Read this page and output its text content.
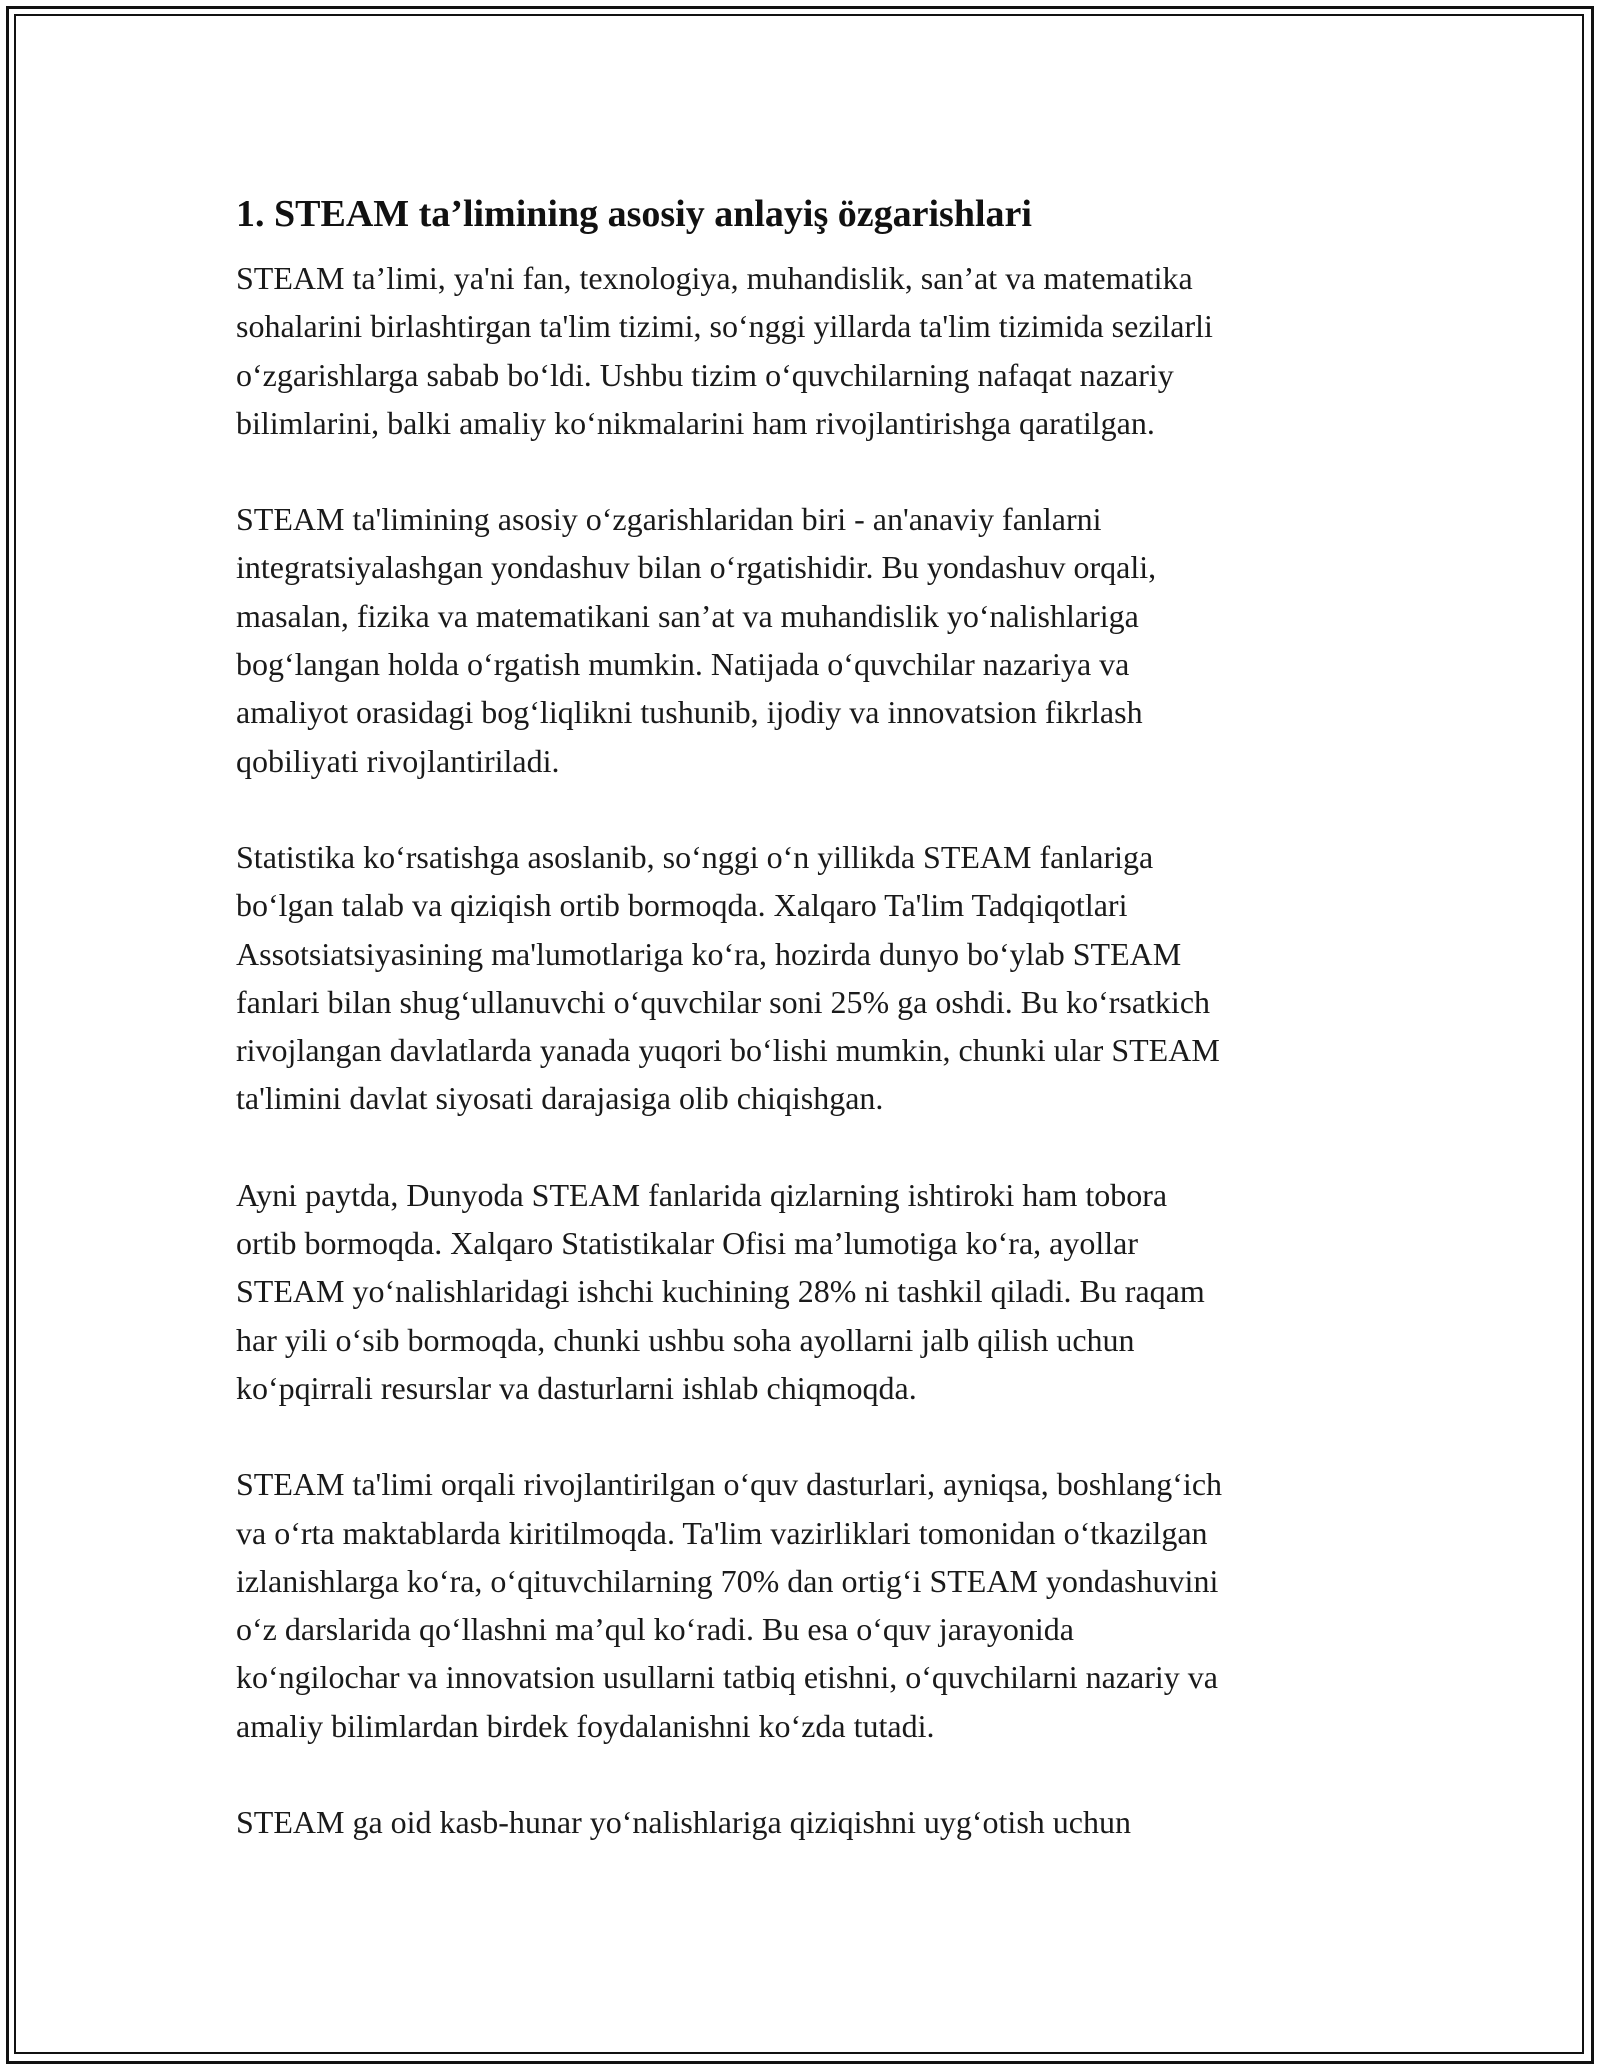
1. STEAM ta’limining asosiy anlayiş özgarishlari

STEAM ta’limi, ya'ni fan, texnologiya, muhandislik, san’at va matematika
sohalarini birlashtirgan ta'lim tizimi, so‘nggi yillarda ta'lim tizimida sezilarli
o‘zgarishlarga sabab bo‘ldi. Ushbu tizim o‘quvchilarning nafaqat nazariy
bilimlarini, balki amaliy ko‘nikmalarini ham rivojlantirishga qaratilgan.

STEAM ta'limining asosiy o‘zgarishlaridan biri - an'anaviy fanlarni
integratsiyalashgan yondashuv bilan o‘rgatishidir. Bu yondashuv orqali,
masalan, fizika va matematikani san’at va muhandislik yo‘nalishlariga
bog‘langan holda o‘rgatish mumkin. Natijada o‘quvchilar nazariya va
amaliyot orasidagi bog‘liqlikni tushunib, ijodiy va innovatsion fikrlash
qobiliyati rivojlantiriladi.

Statistika ko‘rsatishga asoslanib, so‘nggi o‘n yillikda STEAM fanlariga
bo‘lgan talab va qiziqish ortib bormoqda. Xalqaro Ta'lim Tadqiqotlari
Assotsiatsiyasining ma'lumotlariga ko‘ra, hozirda dunyo bo‘ylab STEAM
fanlari bilan shug‘ullanuvchi o‘quvchilar soni 25% ga oshdi. Bu ko‘rsatkich
rivojlangan davlatlarda yanada yuqori bo‘lishi mumkin, chunki ular STEAM
ta'limini davlat siyosati darajasiga olib chiqishgan.

Ayni paytda, Dunyoda STEAM fanlarida qizlarning ishtiroki ham tobora
ortib bormoqda. Xalqaro Statistikalar Ofisi ma’lumotiga ko‘ra, ayollar
STEAM yo‘nalishlaridagi ishchi kuchining 28% ni tashkil qiladi. Bu raqam
har yili o‘sib bormoqda, chunki ushbu soha ayollarni jalb qilish uchun
ko‘pqirrali resurslar va dasturlarni ishlab chiqmoqda.

STEAM ta'limi orqali rivojlantirilgan o‘quv dasturlari, ayniqsa, boshlang‘ich
va o‘rta maktablarda kiritilmoqda. Ta'lim vazirliklari tomonidan o‘tkazilgan
izlanishlarga ko‘ra, o‘qituvchilarning 70% dan ortig‘i STEAM yondashuvini
o‘z darslarida qo‘llashni ma’qul ko‘radi. Bu esa o‘quv jarayonida
ko‘ngilochar va innovatsion usullarni tatbiq etishni, o‘quvchilarni nazariy va
amaliy bilimlardan birdek foydalanishni ko‘zda tutadi.

STEAM ga oid kasb-hunar yo‘nalishlariga qiziqishni uyg‘otish uchun
